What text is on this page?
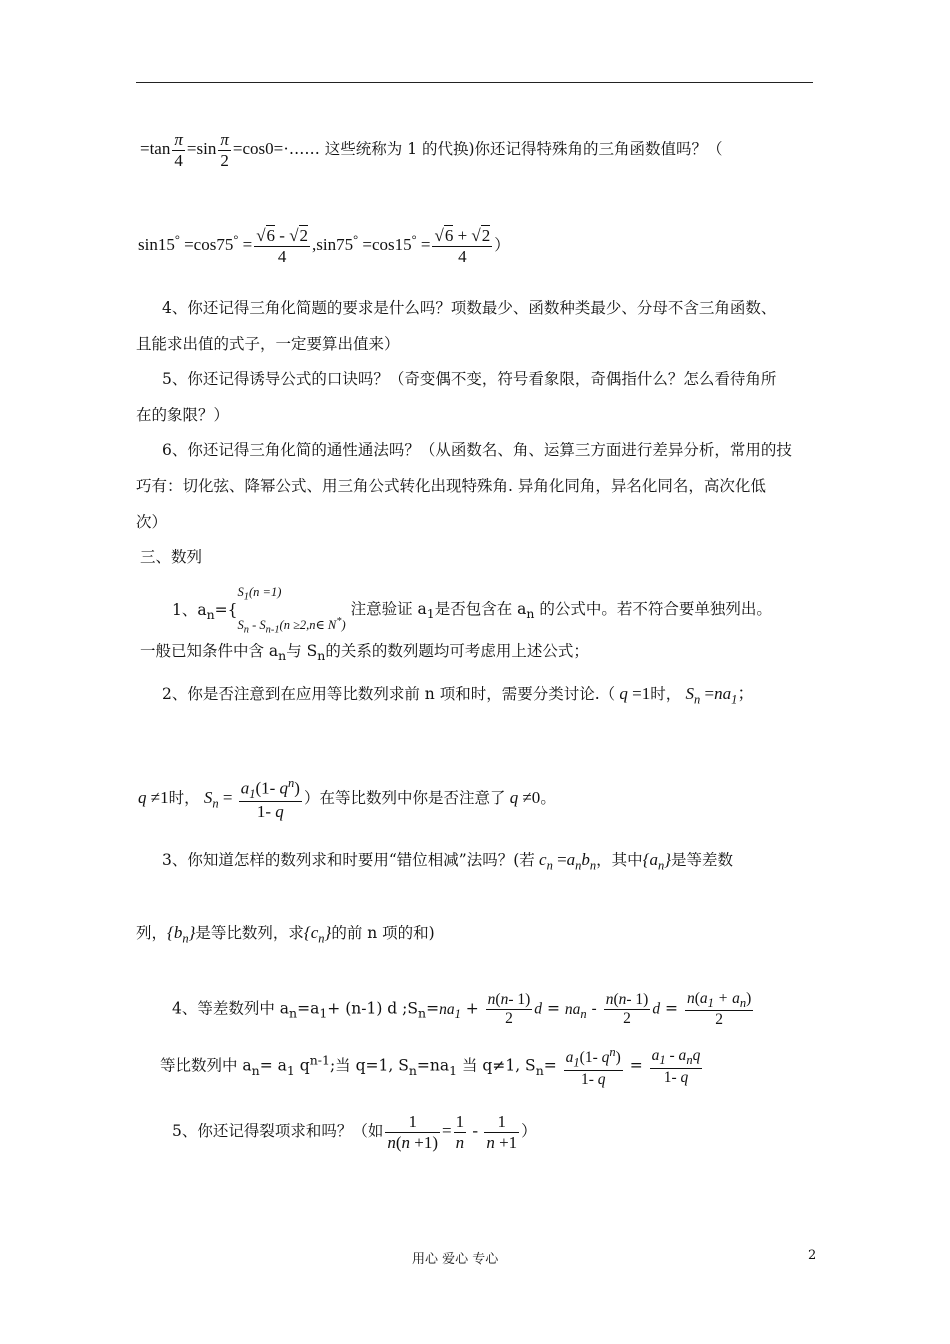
$=\tan \frac{\pi}{4} =\sin \frac{\pi}{2}$ =cos0=·…… 这些统称为 1 的代换)你还记得特殊角的三角函数值吗？（
$\sin 15^\circ =\cos 75^\circ = \frac{√6 - √2}{4} ,\sin 75^\circ =\cos 15^\circ = \frac{√6 + √2}{4}$ ）
4、你还记得三角化简题的要求是什么吗？项数最少、函数种类最少、分母不含三角函数、
且能求出值的式子，一定要算出值来）
5、你还记得诱导公式的口诀吗？（奇变偶不变，符号看象限，奇偶指什么？怎么看待角所
在的象限？）
6、你还记得三角化简的通性通法吗？（从函数名、角、运算三方面进行差异分析，常用的技
巧有：切化弦、降幂公式、用三角公式转化出现特殊角. 异角化同角，异名化同名，高次化低
次）
三、数列
1、$a_n=${
$S_1(n =1)$
$S_n - S_{n-1}(n$ ≥2,n∈ N*)
注意验证 $a_1$是否包含在 $a_n$ 的公式中。若不符合要单独列出。
一般已知条件中含 $a_n$与 $S_n$的关系的数列题均可考虑用上述公式；
2、你是否注意到在应用等比数列求前 n 项和时，需要分类讨论.（ q =1时， $S_n =na_1$；
q ≠1时， $S_n = \frac{a_1(1- q^n)}{1- q}$ ）在等比数列中你是否注意了 q ≠0。
3、你知道怎样的数列求和时要用“错位相减”法吗？(若 $c_n =a_nb_n$，其中$\{a_n\}$是等差数
列，$\{b_n\}$是等比数列，求$\{c_n\}$的前 n 项的和)
4、等差数列中 $a_n=a_1+ (n-1)$ d $;S_n=na_1 + \frac{n(n- 1)}{2}$ $d = na_n - \frac{n(n- 1)}{2}$ $d = \frac{n(a_1 + a_n)}{2}$
等比数列中 $a_n= a_1$ $q^{n-1}$;当 q=1, $S_n=na_1$ 当 q≠1, $S_n= \frac{a_1(1- q^n)}{1- q} = \frac{a_1 - a_nq}{1- q}$
5、你还记得裂项求和吗？（如 $\frac{1}{n(n +1)} = \frac{1}{n} - \frac{1}{n +1}$ ）
用心 爱心 专心	2
